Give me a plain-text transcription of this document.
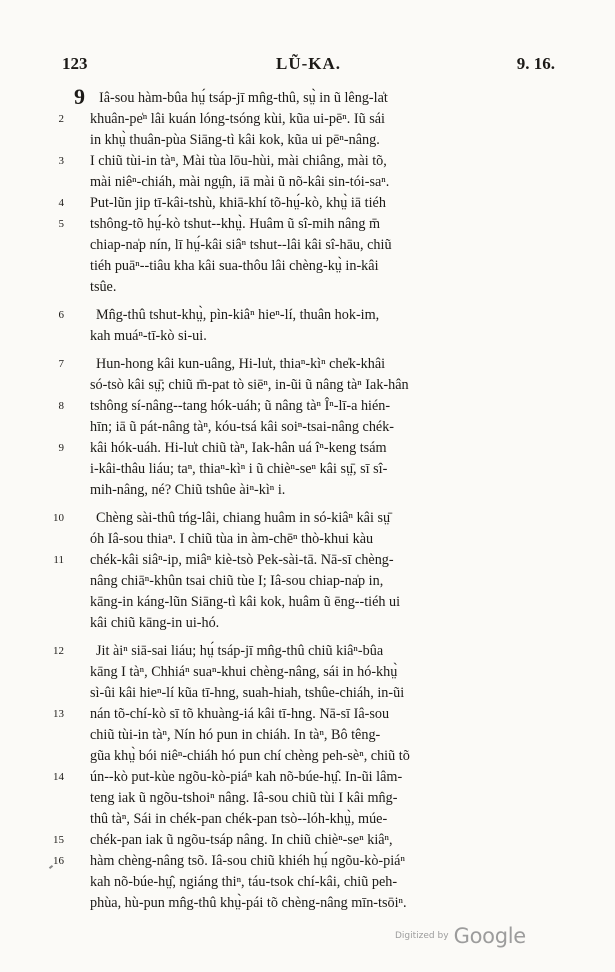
123	LŨ-KA.	9. 16.
9 Iâ-sou hàm-bûa hṳ́ tsáp-jī mn̂g-thû, sṳ̀ in ũ lêng-la̍t
2 khuân-pe̍ⁿ lâi kuán lóng-tsóng kùi, kũa ui-pēⁿ. Iũ sái
in khṳ̀ thuân-pùa Siāng-tì kâi kok, kũa ui pēⁿ-nâng.
3 I chiũ tùi-in tàⁿ, Mài tùa lōu-hùi, mài chiâng, mài tõ,
mài niêⁿ-chiáh, mài ngṳ̂n, iā mài ũ nõ-kâi sin-tói-saⁿ.
4 Put-lũn jip tī-kâi-tshù, khiā-khí tõ-hṳ́-kò, khṳ̀ iā tiéh
5 tshông-tõ hṳ́-kò tshut--khṳ̀. Huâm ũ sî-mih nâng m̄
chiap-na̍p nín, lī hṳ́-kâi siâⁿ tshut--lâi kâi sî-hāu, chiũ
tiéh puāⁿ--tiâu kha kâi sua-thôu lâi chèng-kṳ̀ in-kâi
tsûe.
6 Mn̂g-thû tshut-khṳ̀, pìn-kiâⁿ hieⁿ-lí, thuân hok-im,
kah muáⁿ-tī-kò si-ui.
7 Hun-hong kâi kun-uâng, Hi-lu̍t, thiaⁿ-kìⁿ che̍k-khâi
só-tsò kâi sṳ̄; chiũ m̄-pat tò siēⁿ, in-ũi ũ nâng tàⁿ Iak-hân
8 tshông sí-nâng--tang hók-uáh; ũ nâng tàⁿ Îⁿ-lī-a hién-
hīn; iā ũ pát-nâng tàⁿ, kóu-tsá kâi soiⁿ-tsai-nâng chék-
9 kâi hók-uáh. Hi-lu̍t chiũ tàⁿ, Iak-hân uá îⁿ-keng tsám
i-kâi-thâu liáu; taⁿ, thiaⁿ-kìⁿ i ũ chièⁿ-seⁿ kâi sṳ̄, sī sî-
mih-nâng, né? Chiũ tshûe àiⁿ-kìⁿ i.
10 Chèng sài-thû tńg-lâi, chiang huâm in só-kiâⁿ kâi sṳ̄
óh Iâ-sou thiaⁿ. I chiũ tùa in àm-chēⁿ thò-khui kàu
11 chék-kâi siâⁿ-ip, miâⁿ kiè-tsò Pek-sài-tā. Nā-sī chèng-
nâng chiāⁿ-khûn tsai chiũ tùe I; Iâ-sou chiap-na̍p in,
kāng-in káng-lũn Siāng-tì kâi kok, huâm ũ ēng--tiéh ui
kâi chiũ kāng-in ui-hó.
12 Jit àiⁿ siā-sai liáu; hṳ́ tsáp-jī mn̂g-thû chiũ kiâⁿ-bûa
kāng I tàⁿ, Chhiáⁿ suaⁿ-khui chèng-nâng, sái in hó-khṳ̀
sì-ûi kâi hieⁿ-lí kũa tī-hng, suah-hiah, tshûe-chiáh, in-ũi
13 nán tõ-chí-kò sī tõ khuàng-iá kâi tī-hng. Nā-sī Iâ-sou
chiũ tùi-in tàⁿ, Nín hó pun in chiáh. In tàⁿ, Bô têng-
gũa khṳ̀ bói niêⁿ-chiáh hó pun chí chèng peh-sèⁿ, chiũ tõ
14 ún--kò put-kùe ngõu-kò-piáⁿ kah nõ-búe-hṳ̂. In-ũi lâm-
teng iak ũ ngõu-tshoiⁿ nâng. Iâ-sou chiũ tùi I kâi mn̂g-
thû tàⁿ, Sái in chék-pan chék-pan tsò--lóh-khṳ̀, múe-
15 chék-pan iak ũ ngõu-tsáp nâng. In chiũ chièⁿ-seⁿ kiâⁿ,
16 hàm chèng-nâng tsõ. Iâ-sou chiũ khiéh hṳ́ ngõu-kò-piáⁿ
kah nõ-búe-hṳ̂, ngiáng thiⁿ, táu-tsok chí-kâi, chiũ peh-
phùa, hù-pun mn̂g-thû khṳ̀-pái tõ chèng-nâng mīn-tsōiⁿ.
Digitized by Google
